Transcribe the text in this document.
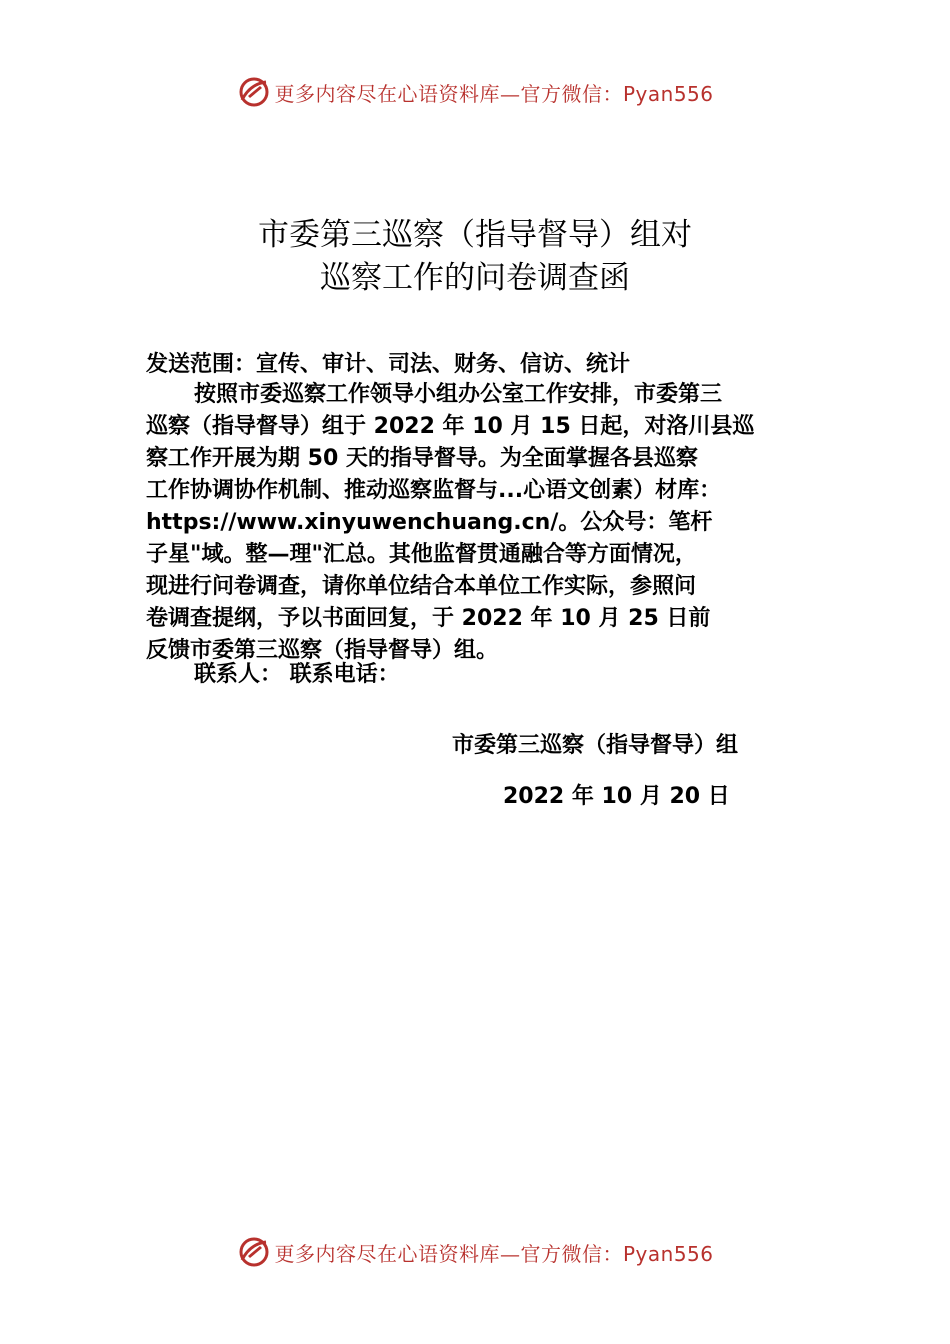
更多内容尽在心语资料库—官方微信：Pyan556
市委第三巡察（指导督导）组对
巡察工作的问卷调查函
发送范围：宣传、审计、司法、财务、信访、统计
按照市委巡察工作领导小组办公室工作安排，市委第三
巡察（指导督导）组于 2022 年 10 月 15 日起，对洛川县巡
察工作开展为期 50 天的指导督导。为全面掌握各县巡察
工作协调协作机制、推动巡察监督与...心语文创素）材库：
https://www.xinyuwenchuang.cn/。公众号：笔杆
子星"域。整—理"汇总。其他监督贯通融合等方面情况，
现进行问卷调查，请你单位结合本单位工作实际，参照问
卷调查提纲，予以书面回复，于 2022 年 10 月 25 日前
反馈市委第三巡察（指导督导）组。
联系人： 联系电话：
市委第三巡察（指导督导）组
2022 年 10 月 20 日
更多内容尽在心语资料库—官方微信：Pyan556
